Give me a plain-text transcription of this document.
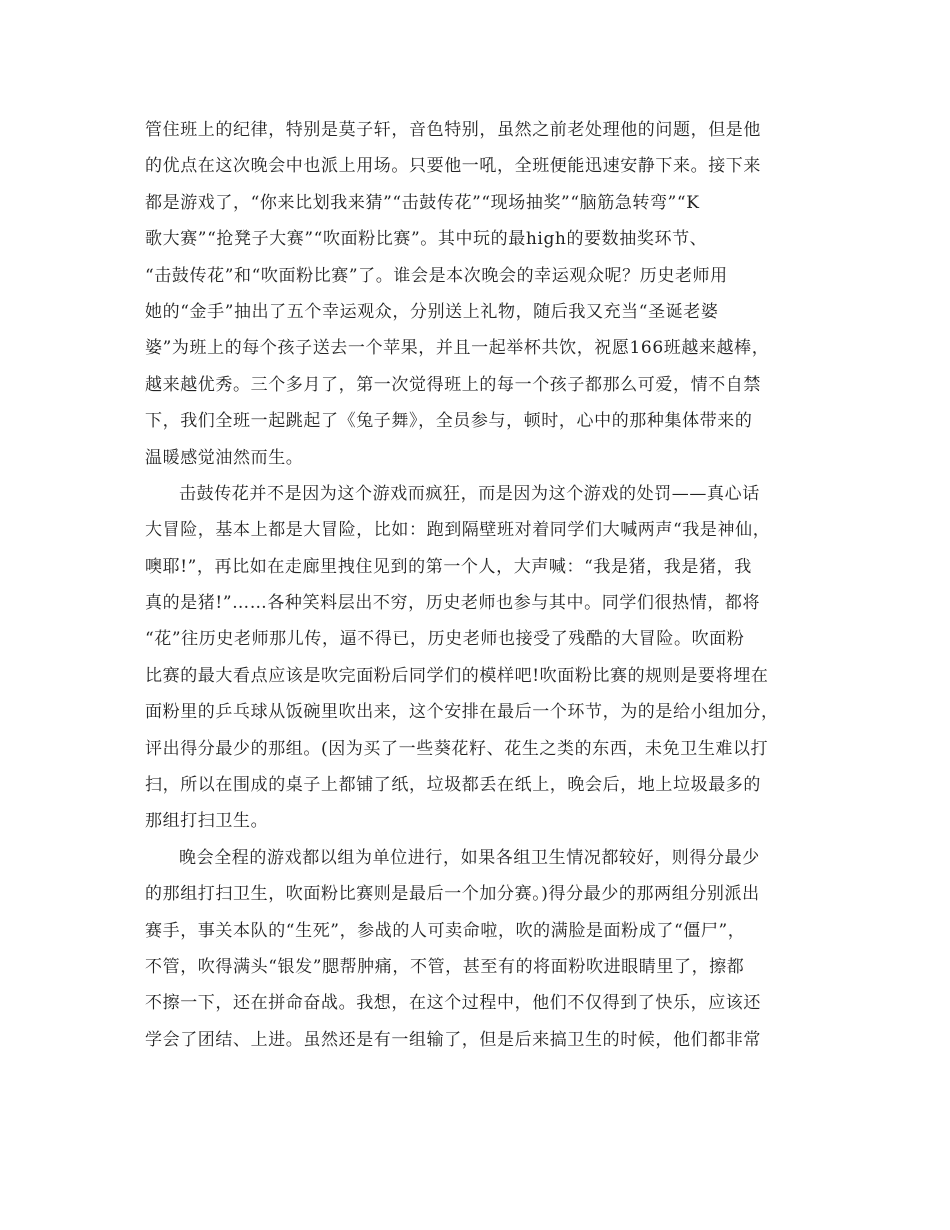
管住班上的纪律，特别是莫子轩，音色特别，虽然之前老处理他的问题，但是他
的优点在这次晚会中也派上用场。只要他一吼，全班便能迅速安静下来。接下来
都是游戏了，“你来比划我来猜”“击鼓传花”“现场抽奖”“脑筋急转弯”“K
歌大赛”“抢凳子大赛”“吹面粉比赛”。其中玩的最high的要数抽奖环节、
“击鼓传花”和“吹面粉比赛”了。谁会是本次晚会的幸运观众呢？历史老师用
她的“金手”抽出了五个幸运观众，分别送上礼物，随后我又充当“圣诞老婆
婆”为班上的每个孩子送去一个苹果，并且一起举杯共饮，祝愿166班越来越棒，
越来越优秀。三个多月了，第一次觉得班上的每一个孩子都那么可爱，情不自禁
下，我们全班一起跳起了《兔子舞》，全员参与，顿时，心中的那种集体带来的
温暖感觉油然而生。
击鼓传花并不是因为这个游戏而疯狂，而是因为这个游戏的处罚——真心话
大冒险，基本上都是大冒险，比如：跑到隔壁班对着同学们大喊两声“我是神仙，
噢耶!”，再比如在走廊里拽住见到的第一个人，大声喊：“我是猪，我是猪，我
真的是猪!”……各种笑料层出不穷，历史老师也参与其中。同学们很热情，都将
“花”往历史老师那儿传，逼不得已，历史老师也接受了残酷的大冒险。吹面粉
比赛的最大看点应该是吹完面粉后同学们的模样吧!吹面粉比赛的规则是要将埋在
面粉里的乒乓球从饭碗里吹出来，这个安排在最后一个环节，为的是给小组加分，
评出得分最少的那组。(因为买了一些葵花籽、花生之类的东西，未免卫生难以打
扫，所以在围成的桌子上都铺了纸，垃圾都丢在纸上，晚会后，地上垃圾最多的
那组打扫卫生。
晚会全程的游戏都以组为单位进行，如果各组卫生情况都较好，则得分最少
的那组打扫卫生，吹面粉比赛则是最后一个加分赛。)得分最少的那两组分别派出
赛手，事关本队的“生死”，参战的人可卖命啦，吹的满脸是面粉成了“僵尸”，
不管，吹得满头“银发”腮帮肿痛，不管，甚至有的将面粉吹进眼睛里了，擦都
不擦一下，还在拼命奋战。我想，在这个过程中，他们不仅得到了快乐，应该还
学会了团结、上进。虽然还是有一组输了，但是后来搞卫生的时候，他们都非常
